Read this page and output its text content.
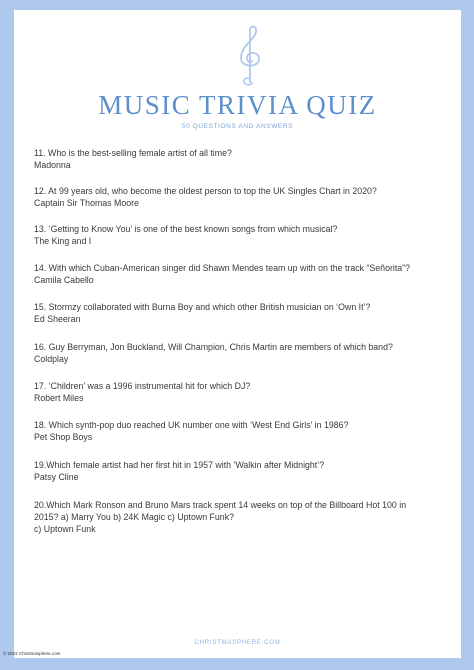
MUSIC TRIVIA QUIZ
50 QUESTIONS AND ANSWERS
11. Who is the best-selling female artist of all time?
Madonna
12. At 99 years old, who become the oldest person to top the UK Singles Chart in 2020?
Captain Sir Thomas Moore
13. ‘Getting to Know You’ is one of the best known songs from which musical?
The King and I
14. With which Cuban-American singer did Shawn Mendes team up with on the track “Señorita”?
Camila Cabello
15. Stormzy collaborated with Burna Boy and which other British musician on ‘Own It’?
Ed Sheeran
16. Guy Berryman, Jon Buckland, Will Champion, Chris Martin are members of which band?
Coldplay
17. ‘Children’ was a 1996 instrumental hit for which DJ?
Robert Miles
18. Which synth-pop duo reached UK number one with ‘West End Girls’ in 1986?
Pet Shop Boys
19.Which female artist had her first hit in 1957 with ‘Walkin after Midnight’?
Patsy Cline
20.Which Mark Ronson and Bruno Mars track spent 14 weeks on top of the Billboard Hot 100 in
2015? a) Marry You b) 24K Magic c) Uptown Funk?
c) Uptown Funk
CHRISTMASPHERE.COM
© 2022 Christmasphere.com
